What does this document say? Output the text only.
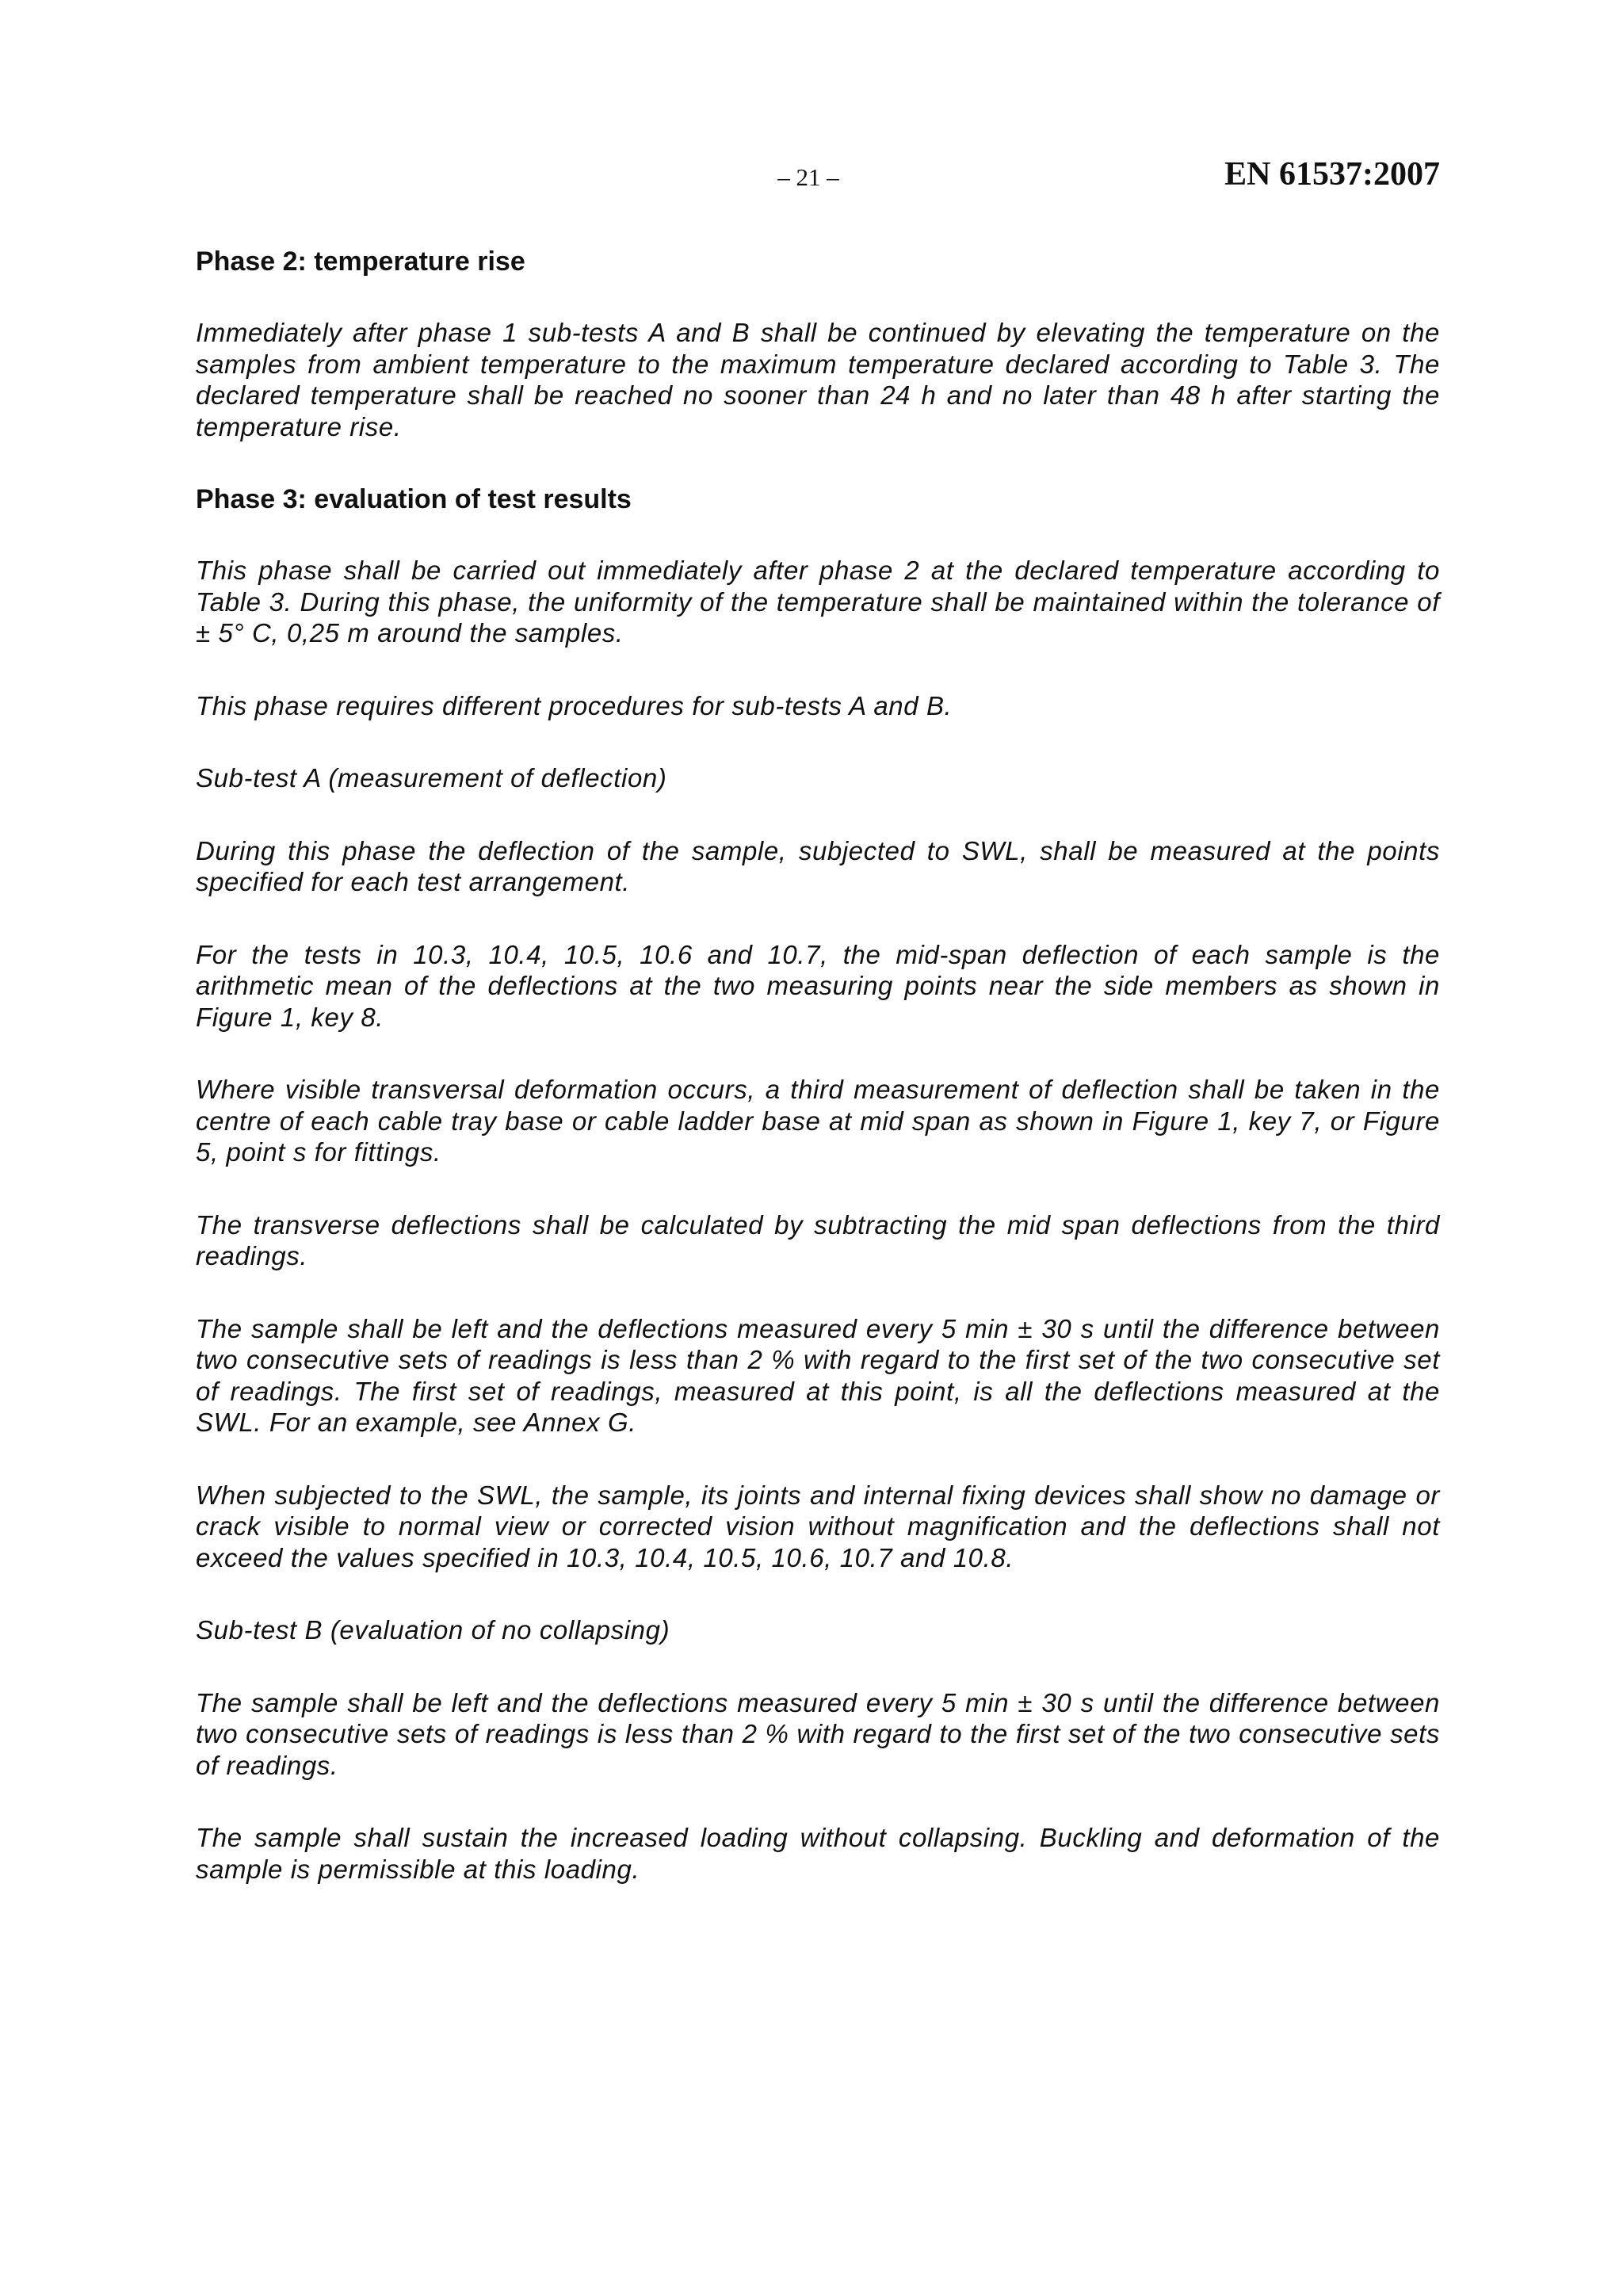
– 21 –	EN 61537:2007
Phase 2: temperature rise

Immediately after phase 1 sub-tests A and B shall be continued by elevating the temperature on the samples from ambient temperature to the maximum temperature declared according to Table 3. The declared temperature shall be reached no sooner than 24 h and no later than 48 h after starting the temperature rise.

Phase 3: evaluation of test results

This phase shall be carried out immediately after phase 2 at the declared temperature according to Table 3. During this phase, the uniformity of the temperature shall be maintained within the tolerance of ± 5° C, 0,25 m around the samples.

This phase requires different procedures for sub-tests A and B.

Sub-test A (measurement of deflection)

During this phase the deflection of the sample, subjected to SWL, shall be measured at the points specified for each test arrangement.

For the tests in 10.3, 10.4, 10.5, 10.6 and 10.7, the mid-span deflection of each sample is the arithmetic mean of the deflections at the two measuring points near the side members as shown in Figure 1, key 8.

Where visible transversal deformation occurs, a third measurement of deflection shall be taken in the centre of each cable tray base or cable ladder base at mid span as shown in Figure 1, key 7, or Figure 5, point s for fittings.

The transverse deflections shall be calculated by subtracting the mid span deflections from the third readings.

The sample shall be left and the deflections measured every 5 min ± 30 s until the difference between two consecutive sets of readings is less than 2 % with regard to the first set of the two consecutive set of readings. The first set of readings, measured at this point, is all the deflections measured at the SWL. For an example, see Annex G.

When subjected to the SWL, the sample, its joints and internal fixing devices shall show no damage or crack visible to normal view or corrected vision without magnification and the deflections shall not exceed the values specified in 10.3, 10.4, 10.5, 10.6, 10.7 and 10.8.

Sub-test B (evaluation of no collapsing)

The sample shall be left and the deflections measured every 5 min ± 30 s until the difference between two consecutive sets of readings is less than 2 % with regard to the first set of the two consecutive sets of readings.

The sample shall sustain the increased loading without collapsing. Buckling and deformation of the sample is permissible at this loading.
